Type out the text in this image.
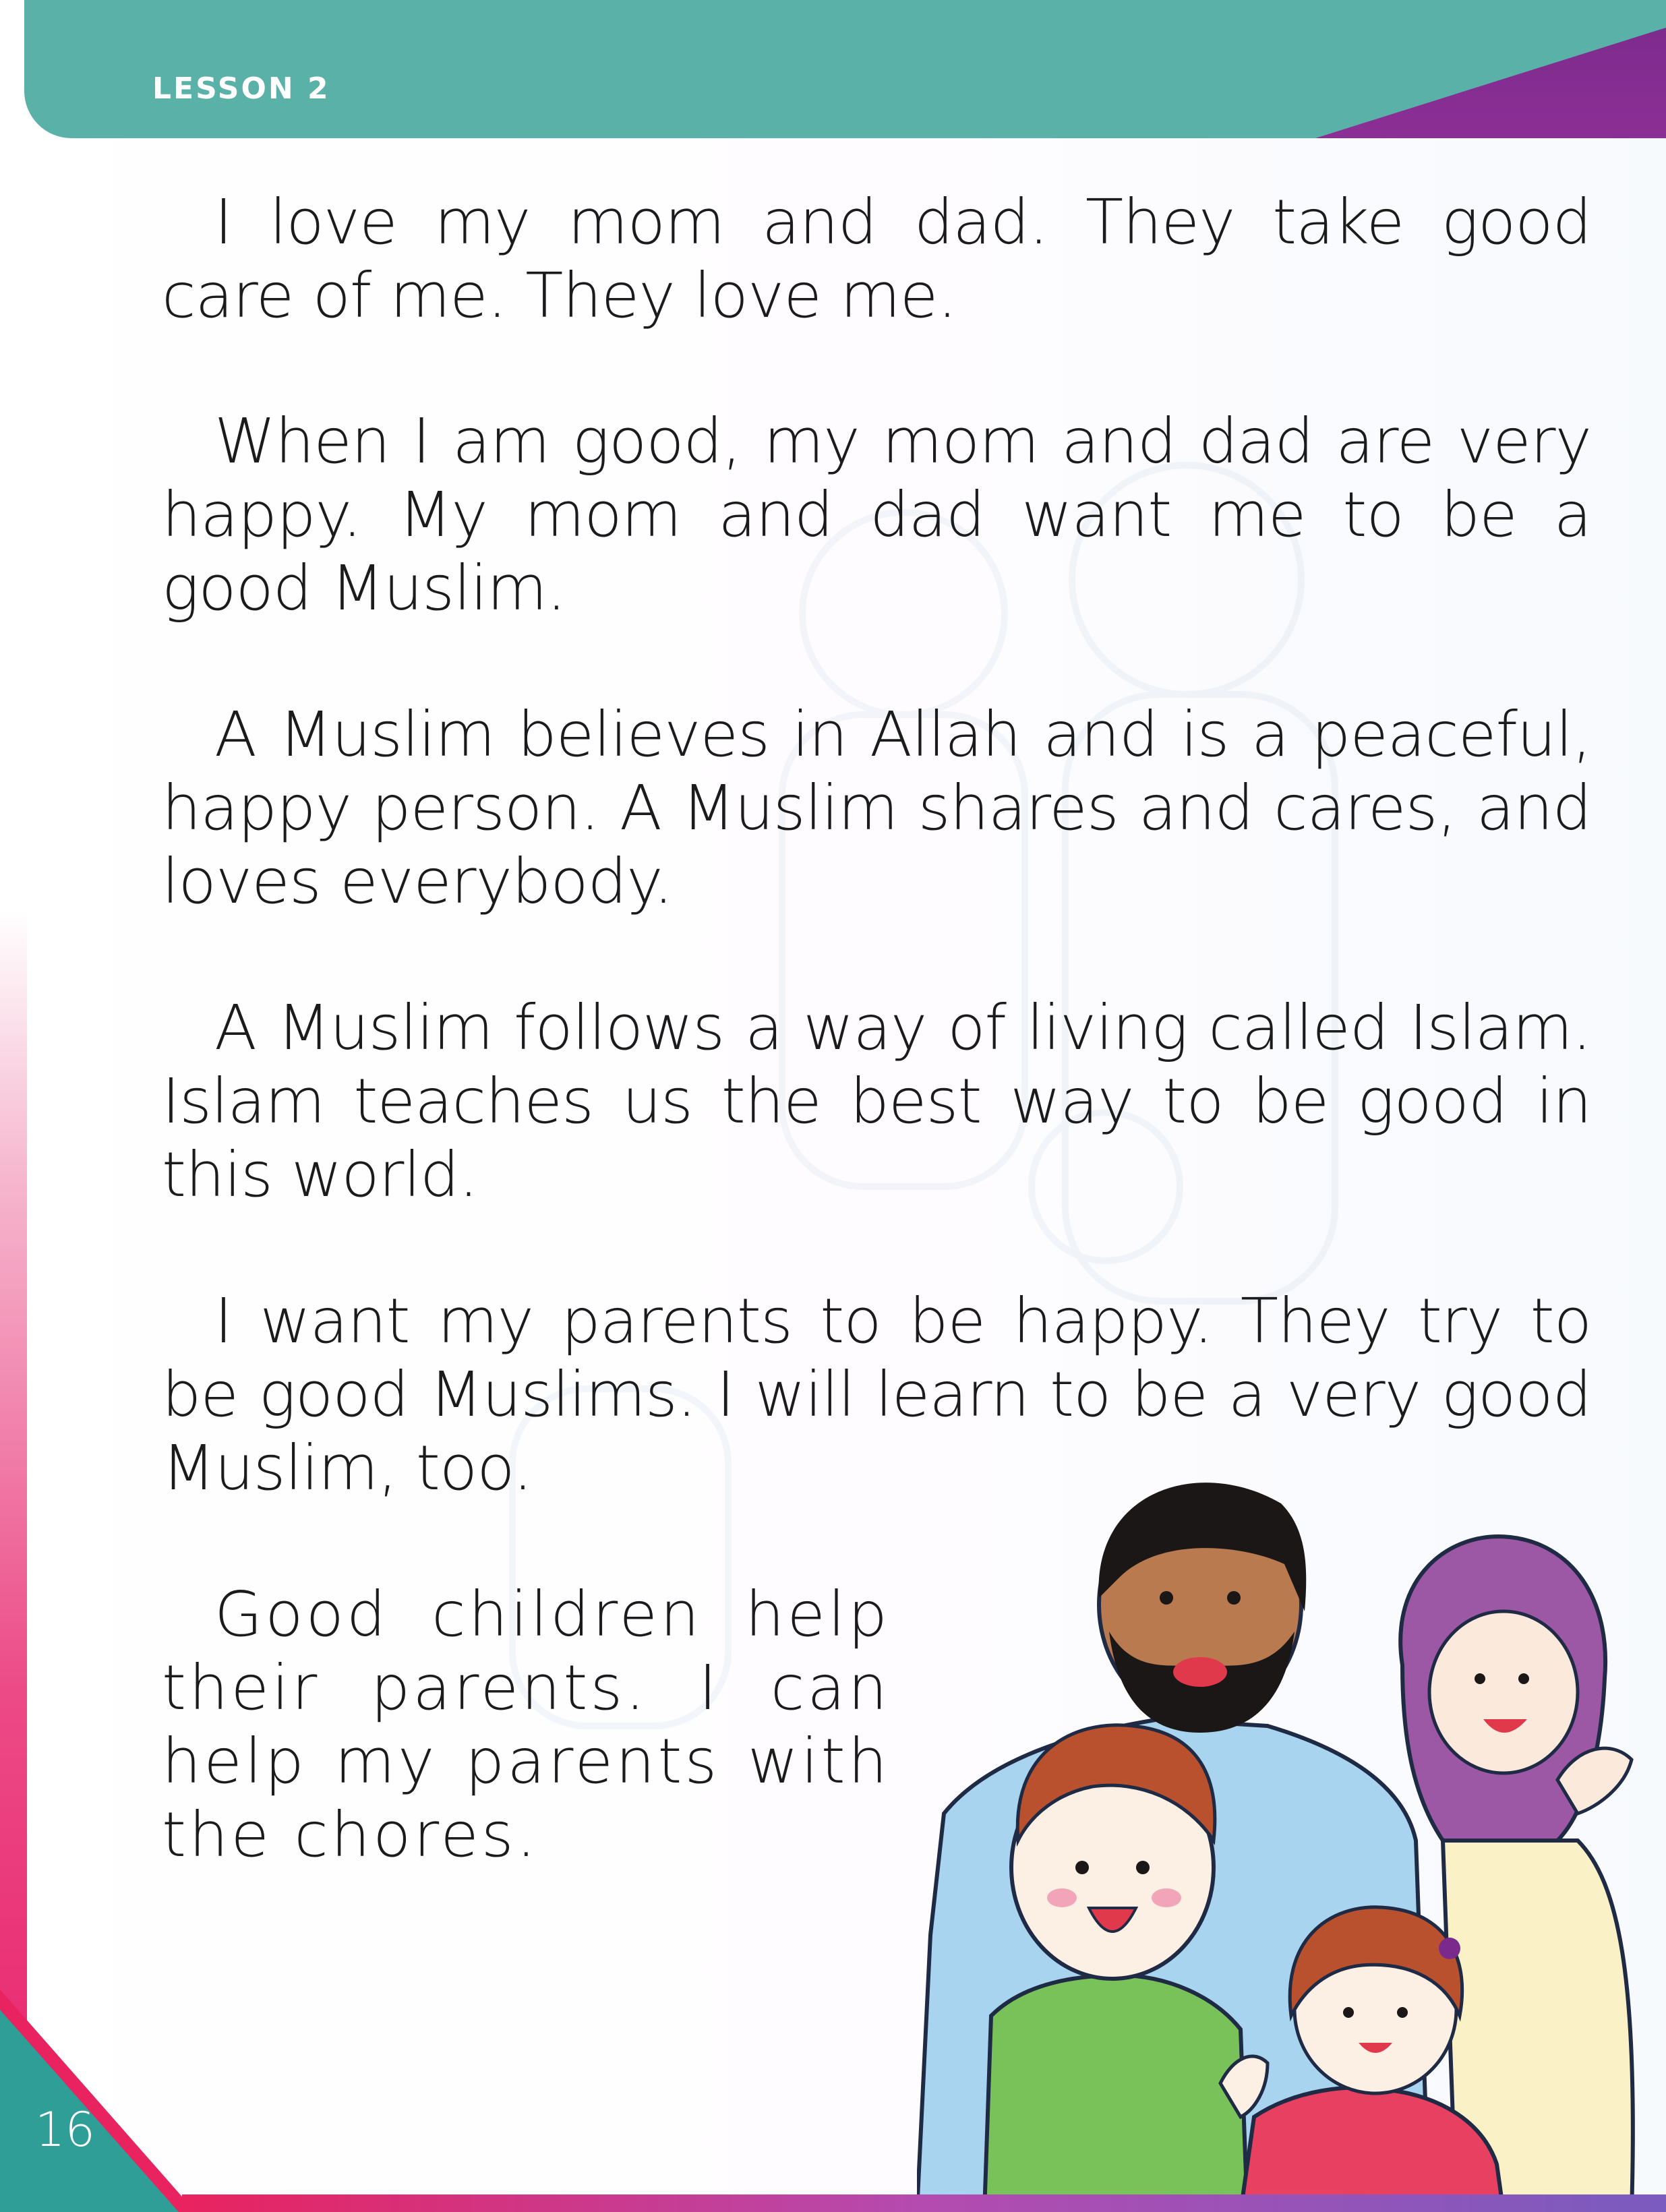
LESSON 2

I love my mom and dad. They take good care of me. They love me.

When I am good, my mom and dad are very happy. My mom and dad want me to be a good Muslim.

A Muslim believes in Allah and is a peaceful, happy person. A Muslim shares and cares, and loves everybody.

A Muslim follows a way of living called Islam. Islam teaches us the best way to be good in this world.

I want my parents to be happy. They try to be good Muslims. I will learn to be a very good Muslim, too.

Good children help their parents. I can help my parents with the chores.

16
